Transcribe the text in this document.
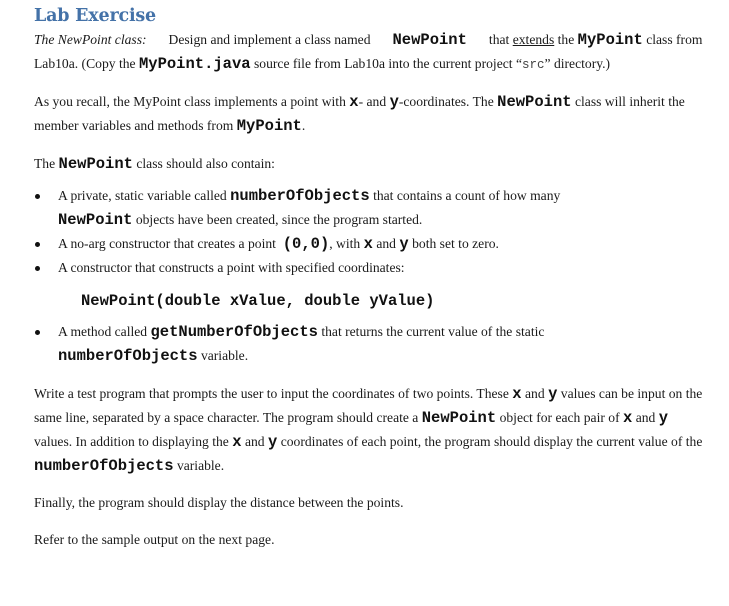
Lab Exercise

The NewPoint class: Design and implement a class named NewPoint that extends the MyPoint class from Lab10a. (Copy the MyPoint.java source file from Lab10a into the current project “src” directory.)

As you recall, the MyPoint class implements a point with x- and y-coordinates. The NewPoint class will inherit the member variables and methods from MyPoint.

The NewPoint class should also contain:

A private, static variable called numberOfObjects that contains a count of how many
NewPoint objects have been created, since the program started.
A no-arg constructor that creates a point (0,0), with x and y both set to zero.
A constructor that constructs a point with specified coordinates:
NewPoint(double xValue, double yValue)
A method called getNumberOfObjects that returns the current value of the static
numberOfObjects variable.

Write a test program that prompts the user to input the coordinates of two points. These x and y values can be input on the same line, separated by a space character. The program should create a NewPoint object for each pair of x and y values. In addition to displaying the x and y coordinates of each point, the program should display the current value of the numberOfObjects variable.

Finally, the program should display the distance between the points.

Refer to the sample output on the next page.
